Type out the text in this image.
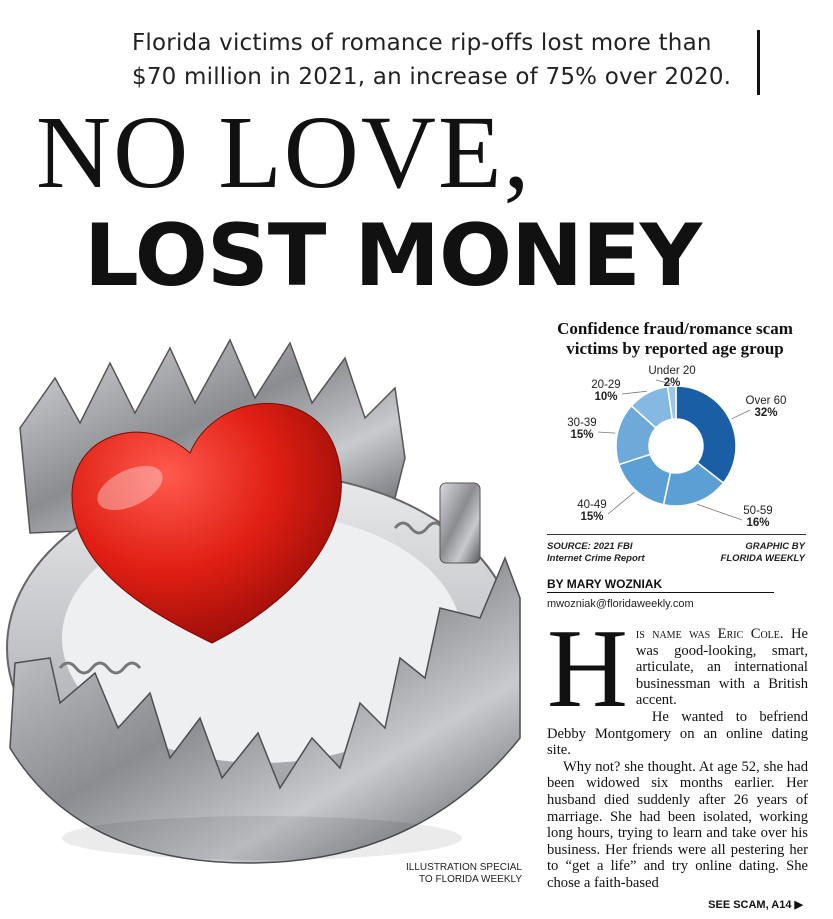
Florida victims of romance rip-offs lost more than $70 million in 2021, an increase of 75% over 2020.
NO LOVE,
LOST MONEY
ILLUSTRATION SPECIAL
TO FLORIDA WEEKLY
Confidence fraud/romance scam
victims by reported age group
Over 60
32%
50-59
16%
40-49
15%
30-39
15%
20-29
10%
Under 20
2%
SOURCE: 2021 FBI
Internet Crime Report
GRAPHIC BY
FLORIDA WEEKLY
BY MARY WOZNIAK
mwozniak@floridaweekly.com

His name was Eric Cole. He was good-looking, smart, articulate, an international businessman with a British accent.

He wanted to befriend Debby Montgomery on an online dating site.

Why not? she thought. At age 52, she had been widowed six months earlier. Her husband died suddenly after 26 years of marriage. She had been isolated, working long hours, trying to learn and take over his business. Her friends were all pestering her to “get a life” and try online dating. She chose a faith-based

SEE SCAM, A14 ▶
